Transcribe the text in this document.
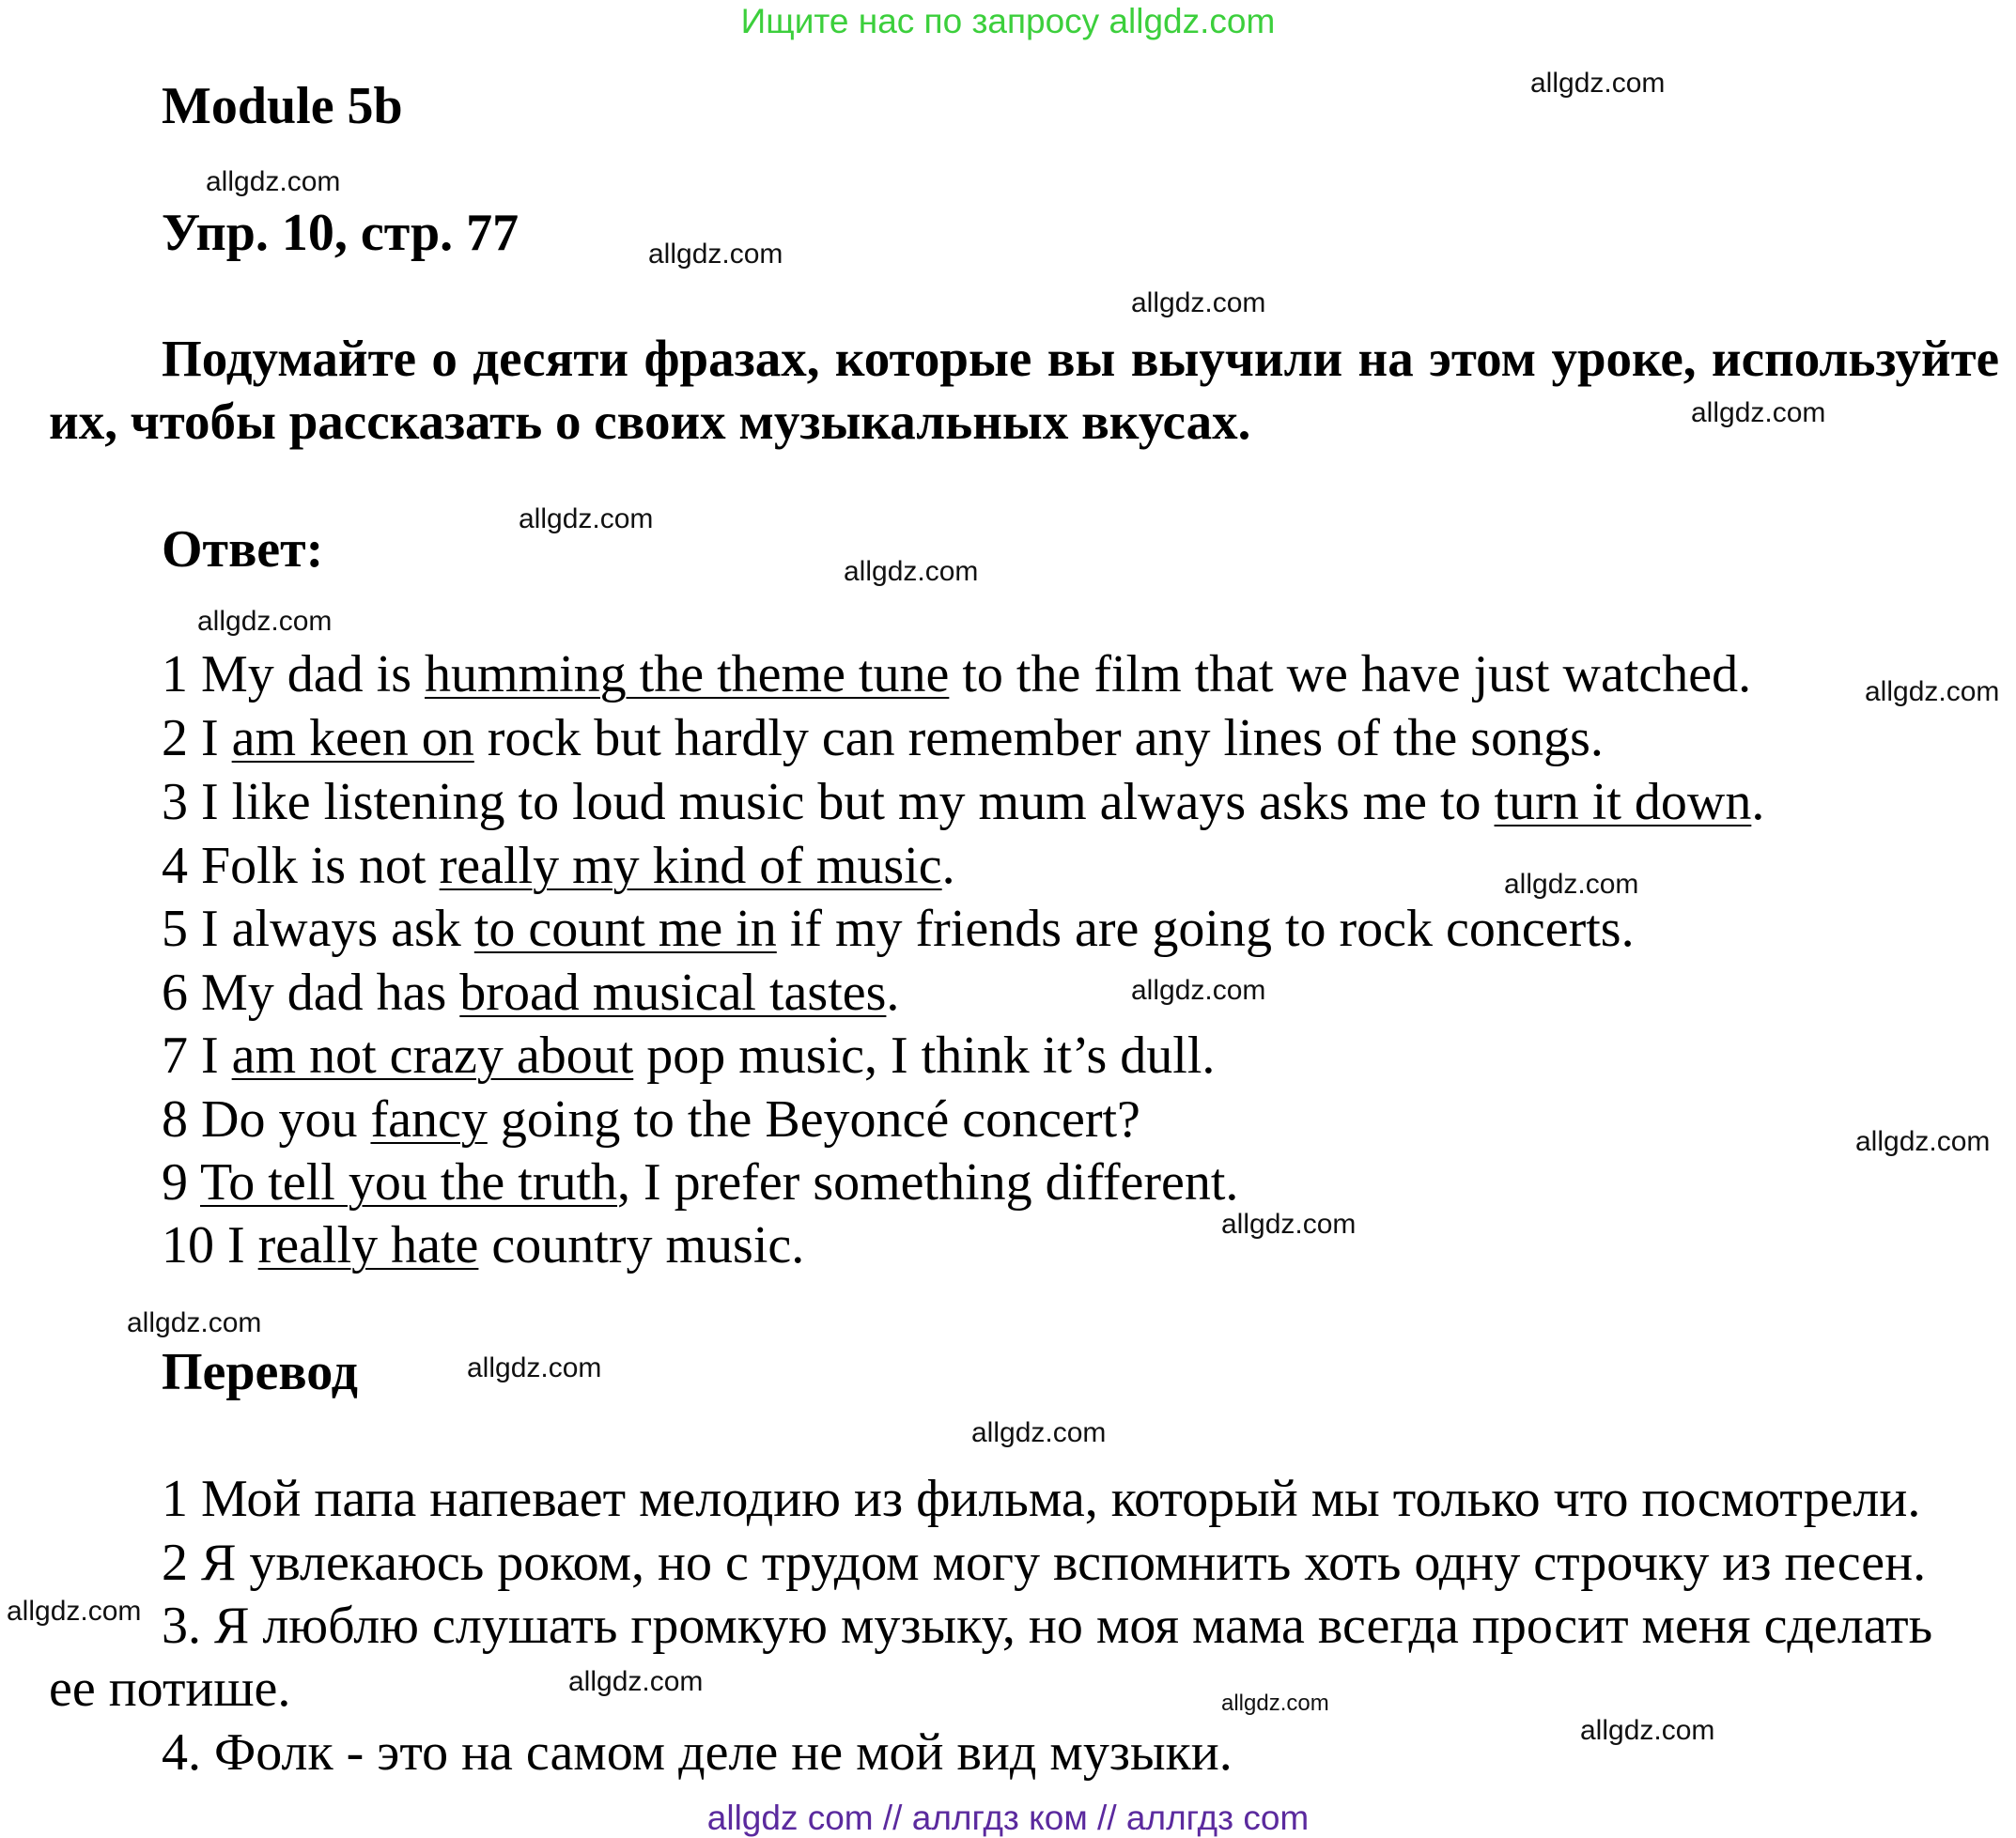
Ищите нас по запросу allgdz.com
Module 5b
Упр. 10, стр. 77
Подумайте о десяти фразах, которые вы выучили на этом уроке, используйте их, чтобы рассказать о своих музыкальных вкусах.
Ответ:
1 My dad is humming the theme tune to the film that we have just watched.
2 I am keen on rock but hardly can remember any lines of the songs.
3 I like listening to loud music but my mum always asks me to turn it down.
4 Folk is not really my kind of music.
5 I always ask to count me in if my friends are going to rock concerts.
6 My dad has broad musical tastes.
7 I am not crazy about pop music, I think it’s dull.
8 Do you fancy going to the Beyoncé concert?
9 To tell you the truth, I prefer something different.
10 I really hate country music.
Перевод
1 Мой папа напевает мелодию из фильма, который мы только что посмотрели.
2 Я увлекаюсь роком, но с трудом могу вспомнить хоть одну строчку из песен.
3. Я люблю слушать громкую музыку, но моя мама всегда просит меня сделать
ее потише.
4. Фолк - это на самом деле не мой вид музыки.
allgdz.com
allgdz.com
allgdz.com
allgdz.com
allgdz.com
allgdz.com
allgdz.com
allgdz.com
allgdz.com
allgdz.com
allgdz.com
allgdz.com
allgdz.com
allgdz.com
allgdz.com
allgdz.com
allgdz.com
allgdz.com
allgdz.com
allgdz.com
allgdz com // аллгдз ком // аллгдз com
